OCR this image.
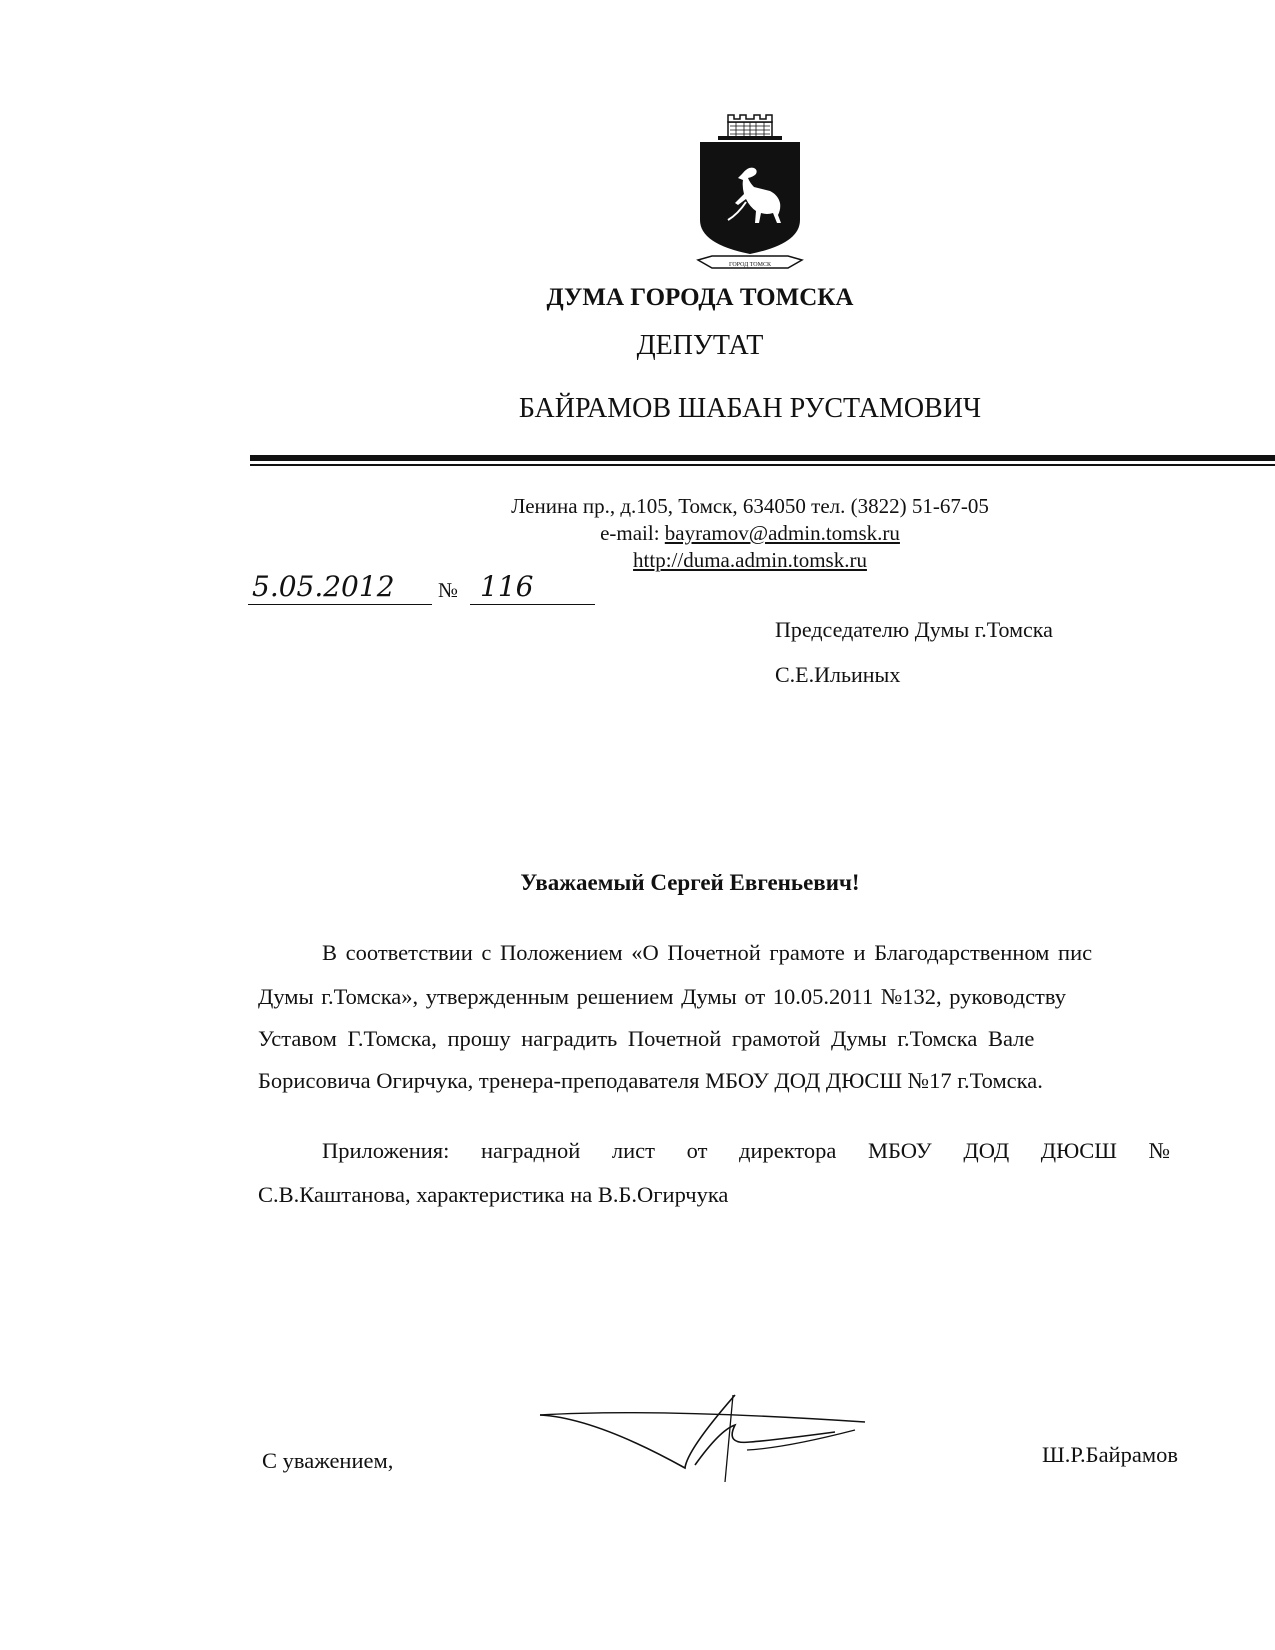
ГОРОД ТОМСК
ДУМА ГОРОДА ТОМСКА
ДЕПУТАТ
БАЙРАМОВ ШАБАН РУСТАМОВИЧ
Ленина пр., д.105, Томск, 634050 тел. (3822) 51-67-05
e-mail: bayramov@admin.tomsk.ru
http://duma.admin.tomsk.ru
5.05.2012	№ 116
Председателю Думы г.Томска
С.Е.Ильиных
Уважаемый Сергей Евгеньевич!
В соответствии с Положением «О Почетной грамоте и Благодарственном пис
Думы г.Томска», утвержденным решением Думы от 10.05.2011 №132, руководству
Уставом Г.Томска, прошу наградить Почетной грамотой Думы г.Томска Вале
Борисовича Огирчука, тренера-преподавателя МБОУ ДОД ДЮСШ №17 г.Томска.
Приложения: наградной лист от директора МБОУ ДОД ДЮСШ №
С.В.Каштанова, характеристика на В.Б.Огирчука
С уважением,	Ш.Р.Байрамов
